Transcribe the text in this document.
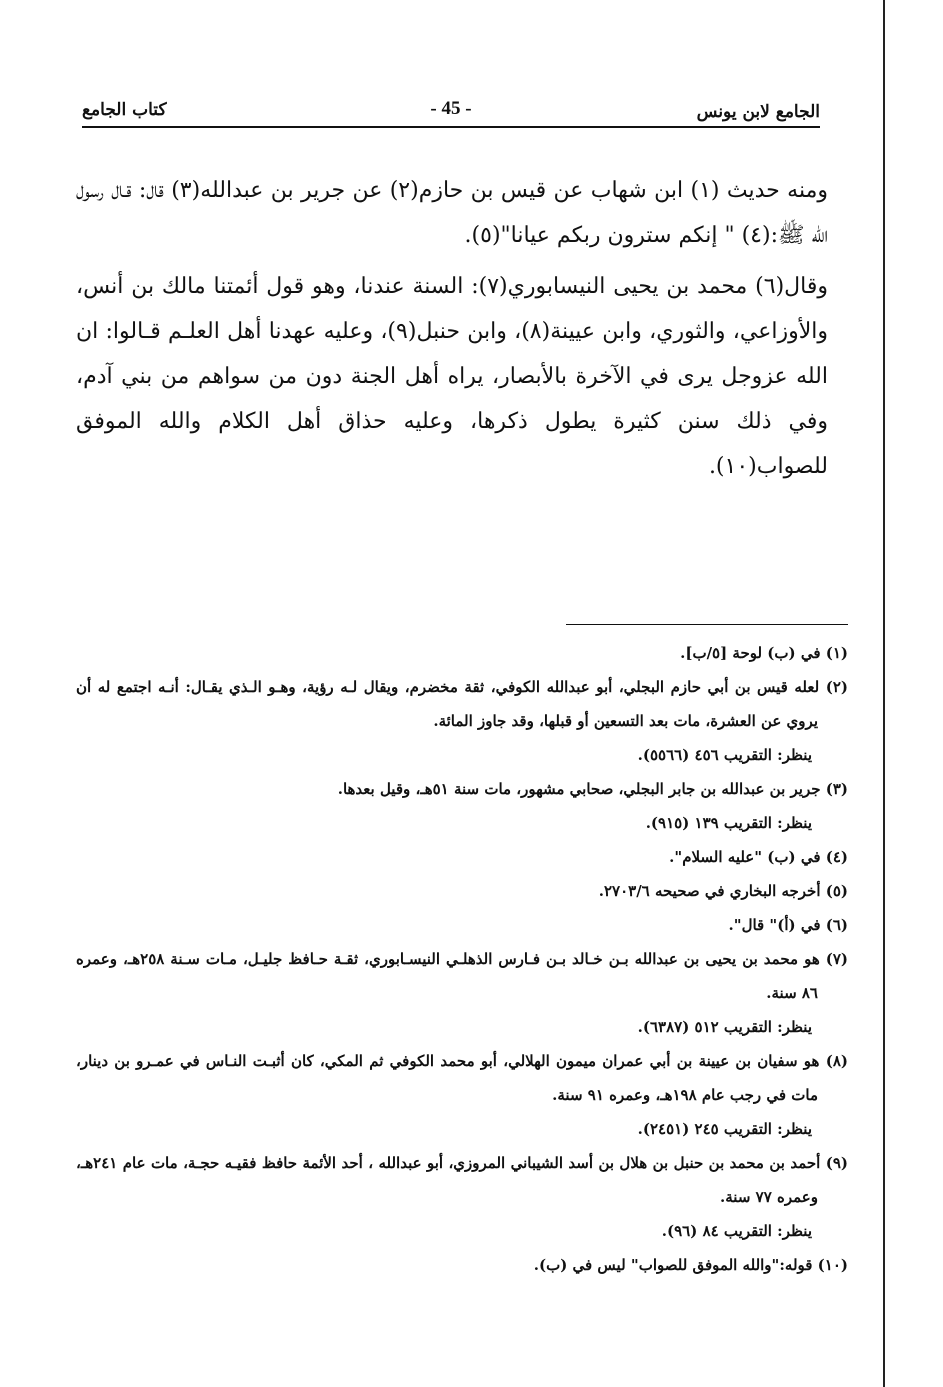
الجامع لابن يونس
- 45 -
كتاب الجامع

ومنه حديث (١) ابن شهاب عن قيس بن حازم(٢) عن جرير بن عبدالله(٣) قال: قـال رسول الله ﷺ:(٤) " إنكم سترون ربكم عيانا"(٥).

وقال(٦) محمد بن يحيى النيسابوري(٧): السنة عندنا، وهو قول أئمتنا مالك بن أنس، والأوزاعي، والثوري، وابن عيينة(٨)، وابن حنبل(٩)، وعليه عهدنا أهل العلـم قـالوا: ان الله عزوجل يرى في الآخرة بالأبصار، يراه أهل الجنة دون من سواهم من بني آدم، وفي ذلك سنن كثيرة يطول ذكرها، وعليه حذاق أهل الكلام والله الموفق للصواب(١٠).

(١) في (ب) لوحة [٥/ب].

(٢) لعله قيس بن أبي حازم البجلي، أبو عبدالله الكوفي، ثقة مخضرم، ويقال لـه رؤية، وهـو الـذي يقـال: أنـه اجتمع له أن يروي عن العشرة، مات بعد التسعين أو قبلها، وقد جاوز المائة.

ينظر: التقريب ٤٥٦ (٥٥٦٦).

(٣) جرير بن عبدالله بن جابر البجلي، صحابي مشهور، مات سنة ٥١هـ، وقيل بعدها.

ينظر: التقريب ١٣٩ (٩١٥).

(٤) في (ب) "عليه السلام".

(٥) أخرجه البخاري في صحيحه ٢٧٠٣/٦.

(٦) في (أ)" قال".

(٧) هو محمد بن يحيى بن عبدالله بـن خـالد بـن فـارس الذهلـي النيسـابوري، ثقـة حـافظ جليـل، مـات سـنة ٢٥٨هـ، وعمره ٨٦ سنة.

ينظر: التقريب ٥١٢ (٦٣٨٧).

(٨) هو سفيان بن عيينة بن أبي عمران ميمون الهلالي، أبو محمد الكوفي ثم المكي، كان أثبـت النـاس في عمـرو بن دينار، مات في رجب عام ١٩٨هـ، وعمره ٩١ سنة.

ينظر: التقريب ٢٤٥ (٢٤٥١).

(٩) أحمد بن محمد بن حنبل بن هلال بن أسد الشيباني المروزي، أبو عبدالله ، أحد الأئمة حافظ فقيـه حجـة، مات عام ٢٤١هـ، وعمره ٧٧ سنة.

ينظر: التقريب ٨٤ (٩٦).

(١٠) قوله:"والله الموفق للصواب" ليس في (ب).
